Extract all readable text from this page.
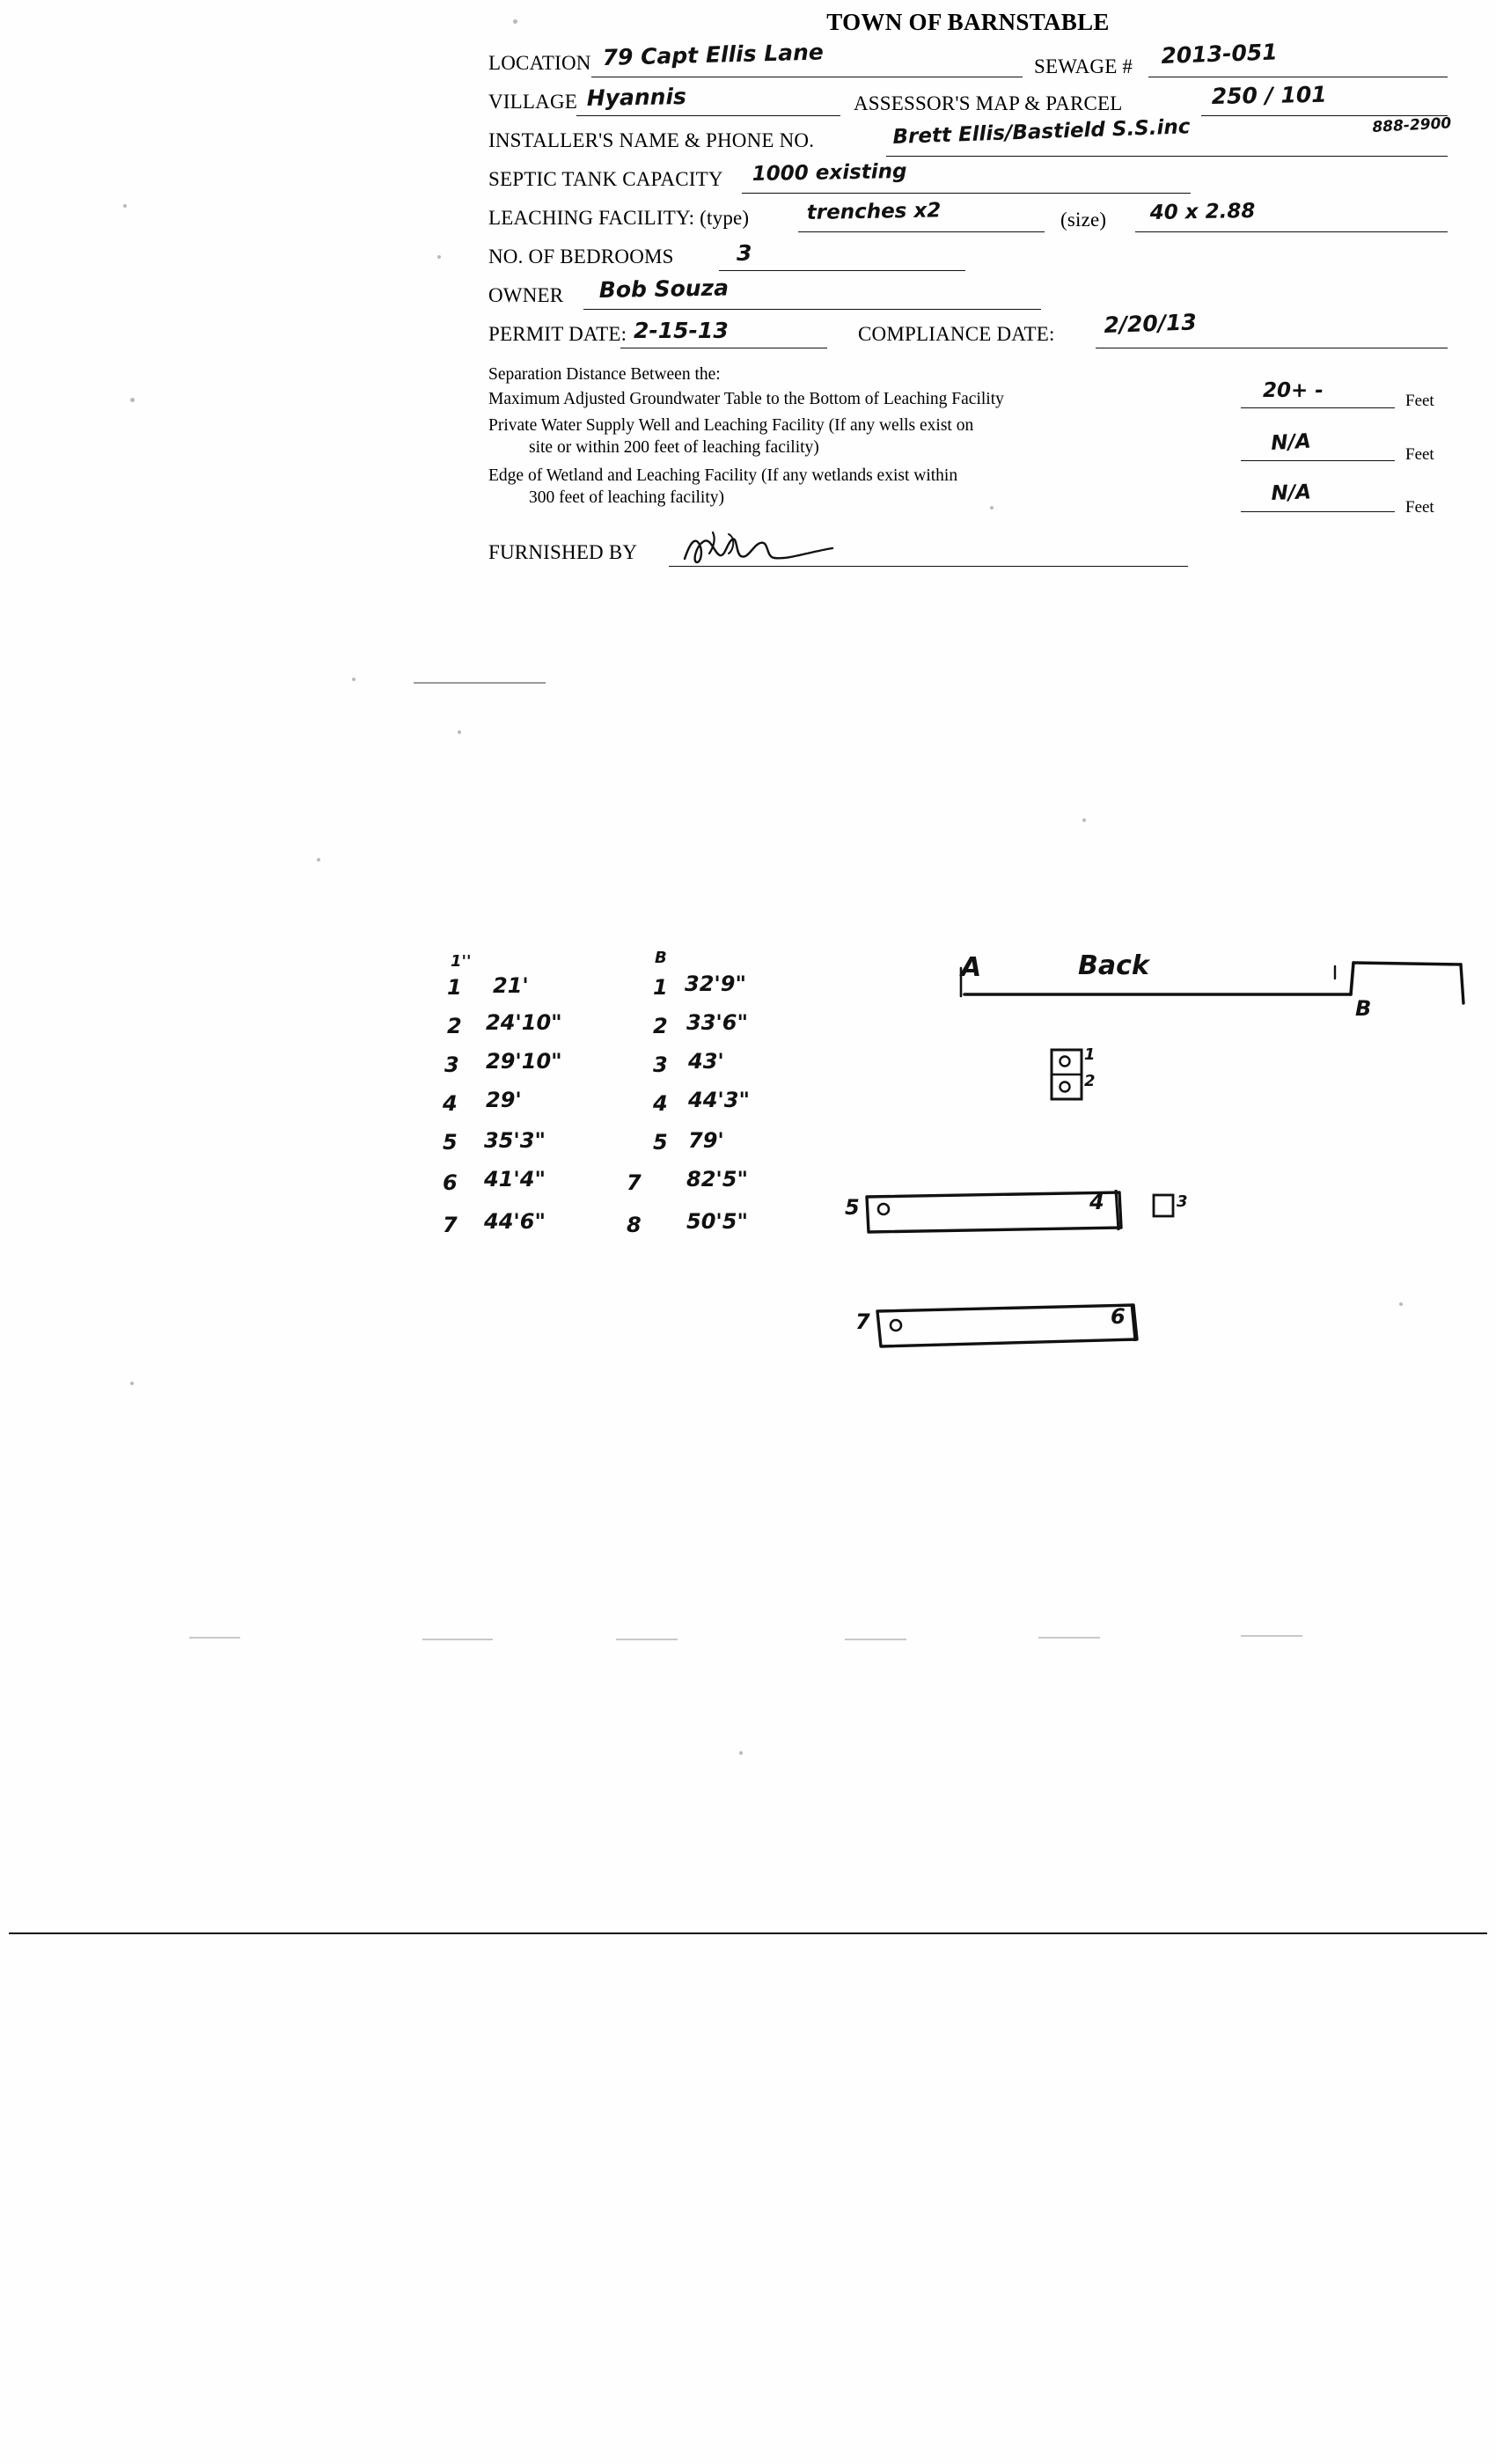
TOWN OF BARNSTABLE
LOCATION 79 Capt Ellis Lane	SEWAGE # 2013-051
VILLAGE Hyannis	ASSESSOR'S MAP & PARCEL	250 / 101
INSTALLER'S NAME & PHONE NO.	Brett Ellis/Bastield S.S.inc	888-2900
SEPTIC TANK CAPACITY 1000 existing
LEACHING FACILITY: (type)	trenches x2	(size) 40 x 2.88
NO. OF BEDROOMS	3
OWNER Bob Souza
PERMIT DATE: 2-15-13	COMPLIANCE DATE: 2/20/13
Separation Distance Between the:
Maximum Adjusted Groundwater Table to the Bottom of Leaching Facility	20+ -	Feet
Private Water Supply Well and Leaching Facility (If any wells exist on
site or within 200 feet of leaching facility)	N/A	Feet
Edge of Wetland and Leaching Facility (If any wetlands exist within
300 feet of leaching facility)	N/A
Feet
FURNISHED BY
A	Back
B
1
2
5	4	3
7	6
1''	B
1 21'
2 24'10"
3 29'10"
4 29'
5 35'3"
6 41'4"
7 44'6"
1 32'9"
2 33'6"
3 43'
4 44'3"
5 79'
7 82'5"
8 50'5"
